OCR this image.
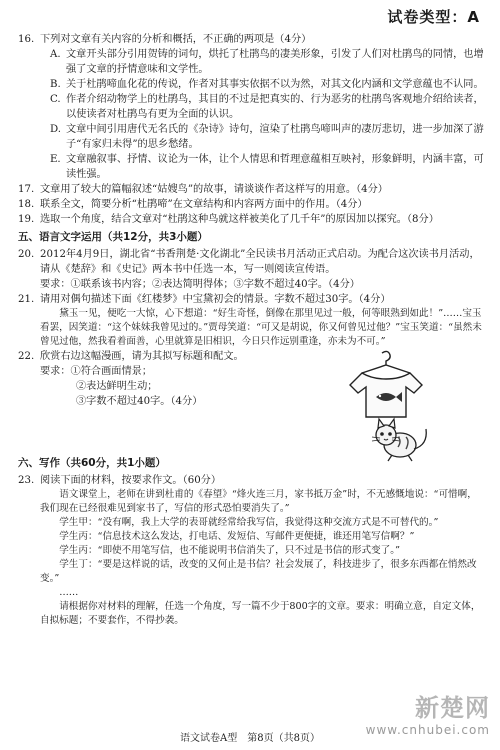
试卷类型：A
16. 下列对文章有关内容的分析和概括，不正确的两项是（4分）
A. 文章开头部分引用贺铸的词句，烘托了杜鹃鸟的凄美形象，引发了人们对杜鹃鸟的同情，也增强了文章的抒情意味和文学性。
B. 关于杜鹃啼血化花的传说，作者对其事实依据不以为然，对其文化内涵和文学意蕴也不认同。
C. 作者介绍动物学上的杜鹃鸟，其目的不过是把真实的、行为恶劣的杜鹃鸟客观地介绍给读者，以使读者对杜鹃鸟有更为全面的认识。
D. 文章中间引用唐代无名氏的《杂诗》诗句，渲染了杜鹃鸟啼叫声的凄厉悲切，进一步加深了游子“有家归未得”的思乡愁绪。
E. 文章融叙事、抒情、议论为一体，让个人情思和哲理意蕴相互映衬，形象鲜明，内涵丰富，可读性强。
17. 文章用了较大的篇幅叙述“姑嫂鸟”的故事，请谈谈作者这样写的用意。（4分）
18. 联系全文，简要分析“杜鹃啼”在文章结构和内容两方面中的作用。（4分）
19. 选取一个角度，结合文章对“杜鹃这种鸟就这样被美化了几千年”的原因加以探究。（8分）
五、语言文字运用（共12分，共3小题）
20. 2012年4月9日，湖北省“书香荆楚·文化湖北”全民读书月活动正式启动。为配合这次读书月活动，请从《楚辞》和《史记》两本书中任选一本，写一则阅读宣传语。
要求：①联系该书内容；②表达简明得体；③字数不超过40字。（4分）
21. 请用对偶句描述下面《红楼梦》中宝黛初会的情景。字数不超过30字。（4分）

黛玉一见，便吃一大惊，心下想道：“好生奇怪，倒像在那里见过一般，何等眼熟到如此！”……宝玉看罢，因笑道：“这个妹妹我曾见过的。”贾母笑道：“可又是胡说，你又何曾见过他？”宝玉笑道：“虽然未曾见过他，然我看着面善，心里就算是旧相识，今日只作远别重逢，亦未为不可。”

22. 欣赏右边这幅漫画，请为其拟写标题和配文。
要求：①符合画面情景；
②表达鲜明生动；
③字数不超过40字。（4分）
六、写作（共60分，共1小题）
23. 阅读下面的材料，按要求作文。（60分）

语文课堂上，老师在讲到杜甫的《春望》“烽火连三月，家书抵万金”时，不无感慨地说：“可惜啊，我们现在已经很难见到家书了，写信的形式恐怕要消失了。”

学生甲：“没有啊，我上大学的表哥就经常给我写信，我觉得这种交流方式是不可替代的。”

学生丙：“信息技术这么发达，打电话、发短信、写邮件更便捷，谁还用笔写信啊？”

学生丙：“即使不用笔写信，也不能说明书信消失了，只不过是书信的形式变了。”

学生丁：“要是这样说的话，改变的又何止是书信？社会发展了，科技进步了，很多东西都在悄然改变。”

……

请根据你对材料的理解，任选一个角度，写一篇不少于800字的文章。要求：明确立意，自定文体，自拟标题；不要套作，不得抄袭。

新楚网
www.cnhubei.com
语文试卷A型　第8页（共8页）
